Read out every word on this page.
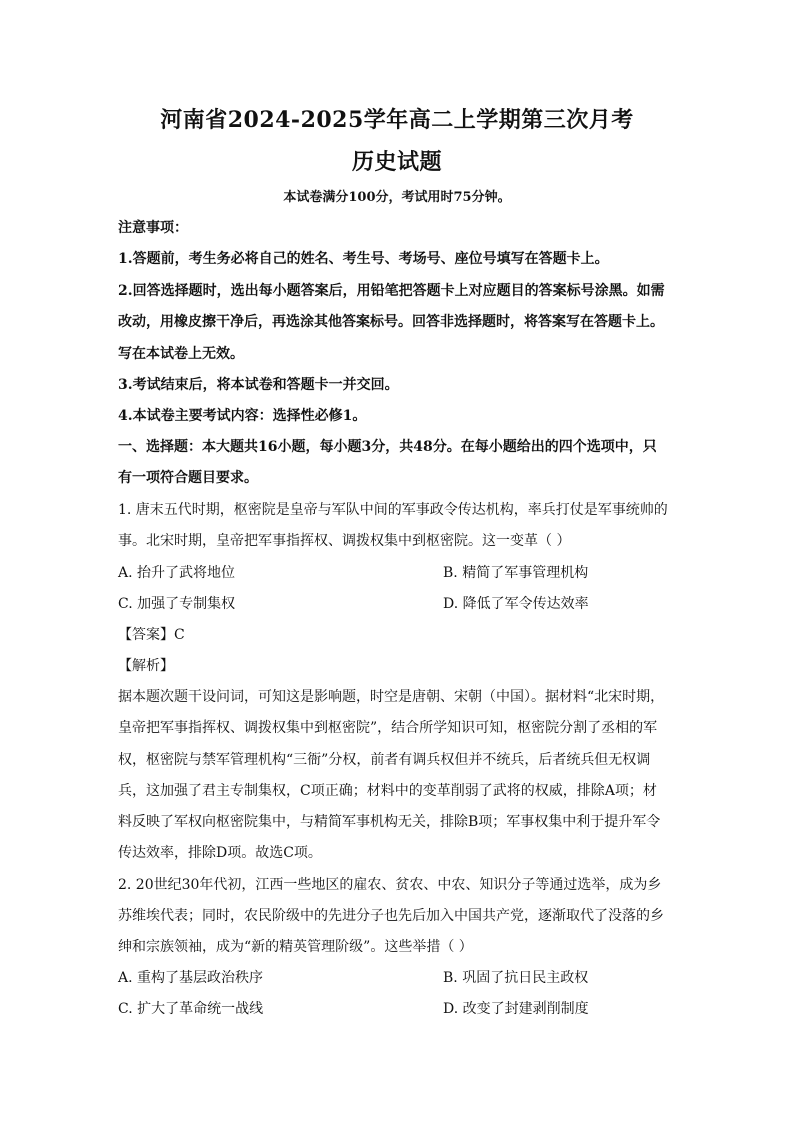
河南省2024-2025学年高二上学期第三次月考
历史试题
本试卷满分100分，考试用时75分钟。
注意事项：
1.答题前，考生务必将自己的姓名、考生号、考场号、座位号填写在答题卡上。
2.回答选择题时，选出每小题答案后，用铅笔把答题卡上对应题目的答案标号涂黑。如需
改动，用橡皮擦干净后，再选涂其他答案标号。回答非选择题时，将答案写在答题卡上。
写在本试卷上无效。
3.考试结束后，将本试卷和答题卡一并交回。
4.本试卷主要考试内容：选择性必修1。
一、选择题：本大题共16小题，每小题3分，共48分。在每小题给出的四个选项中，只
有一项符合题目要求。
1. 唐末五代时期，枢密院是皇帝与军队中间的军事政令传达机构，率兵打仗是军事统帅的
事。北宋时期，皇帝把军事指挥权、调拨权集中到枢密院。这一变革（ ）
A. 抬升了武将地位	B. 精简了军事管理机构
C. 加强了专制集权	D. 降低了军令传达效率
【答案】C
【解析】
据本题次题干设问词，可知这是影响题，时空是唐朝、宋朝（中国）。据材料“北宋时期，
皇帝把军事指挥权、调拨权集中到枢密院”，结合所学知识可知，枢密院分割了丞相的军
权，枢密院与禁军管理机构“三衙”分权，前者有调兵权但并不统兵，后者统兵但无权调
兵，这加强了君主专制集权，C项正确；材料中的变革削弱了武将的权威，排除A项；材
料反映了军权向枢密院集中，与精简军事机构无关，排除B项；军事权集中利于提升军令
传达效率，排除D项。故选C项。
2. 20世纪30年代初，江西一些地区的雇农、贫农、中农、知识分子等通过选举，成为乡
苏维埃代表；同时，农民阶级中的先进分子也先后加入中国共产党，逐渐取代了没落的乡
绅和宗族领袖，成为“新的精英管理阶级”。这些举措（ ）
A. 重构了基层政治秩序	B. 巩固了抗日民主政权
C. 扩大了革命统一战线	D. 改变了封建剥削制度
